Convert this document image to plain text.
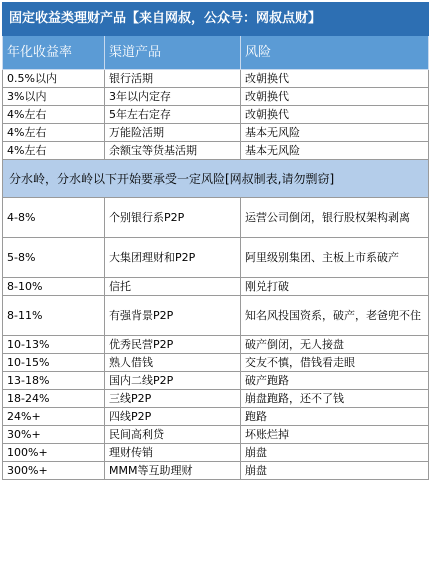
固定收益类理财产品【来自网叔，公众号：网叔点财】		
年化收益率	渠道产品	风险
0.5%以内	银行活期	改朝换代
3%以内	3年以内定存	改朝换代
4%左右	5年左右定存	改朝换代
4%左右	万能险活期	基本无风险
4%左右	余额宝等货基活期	基本无风险
分水岭，分水岭以下开始要承受一定风险[网叔制表,请勿剽窃]		
4-8%	个别银行系P2P	运营公司倒闭，银行股权架构剥离
5-8%	大集团理财和P2P	阿里级别集团、主板上市系破产
8-10%	信托	刚兑打破
8-11%	有强背景P2P	知名风投国资系，破产，老爸兜不住
10-13%	优秀民营P2P	破产倒闭，无人接盘
10-15%	熟人借钱	交友不慎，借钱看走眼
13-18%	国内二线P2P	破产跑路
18-24%	三线P2P	崩盘跑路，还不了钱
24%+	四线P2P	跑路
30%+	民间高利贷	坏账烂掉
100%+	理财传销	崩盘
300%+	MMM等互助理财	崩盘
